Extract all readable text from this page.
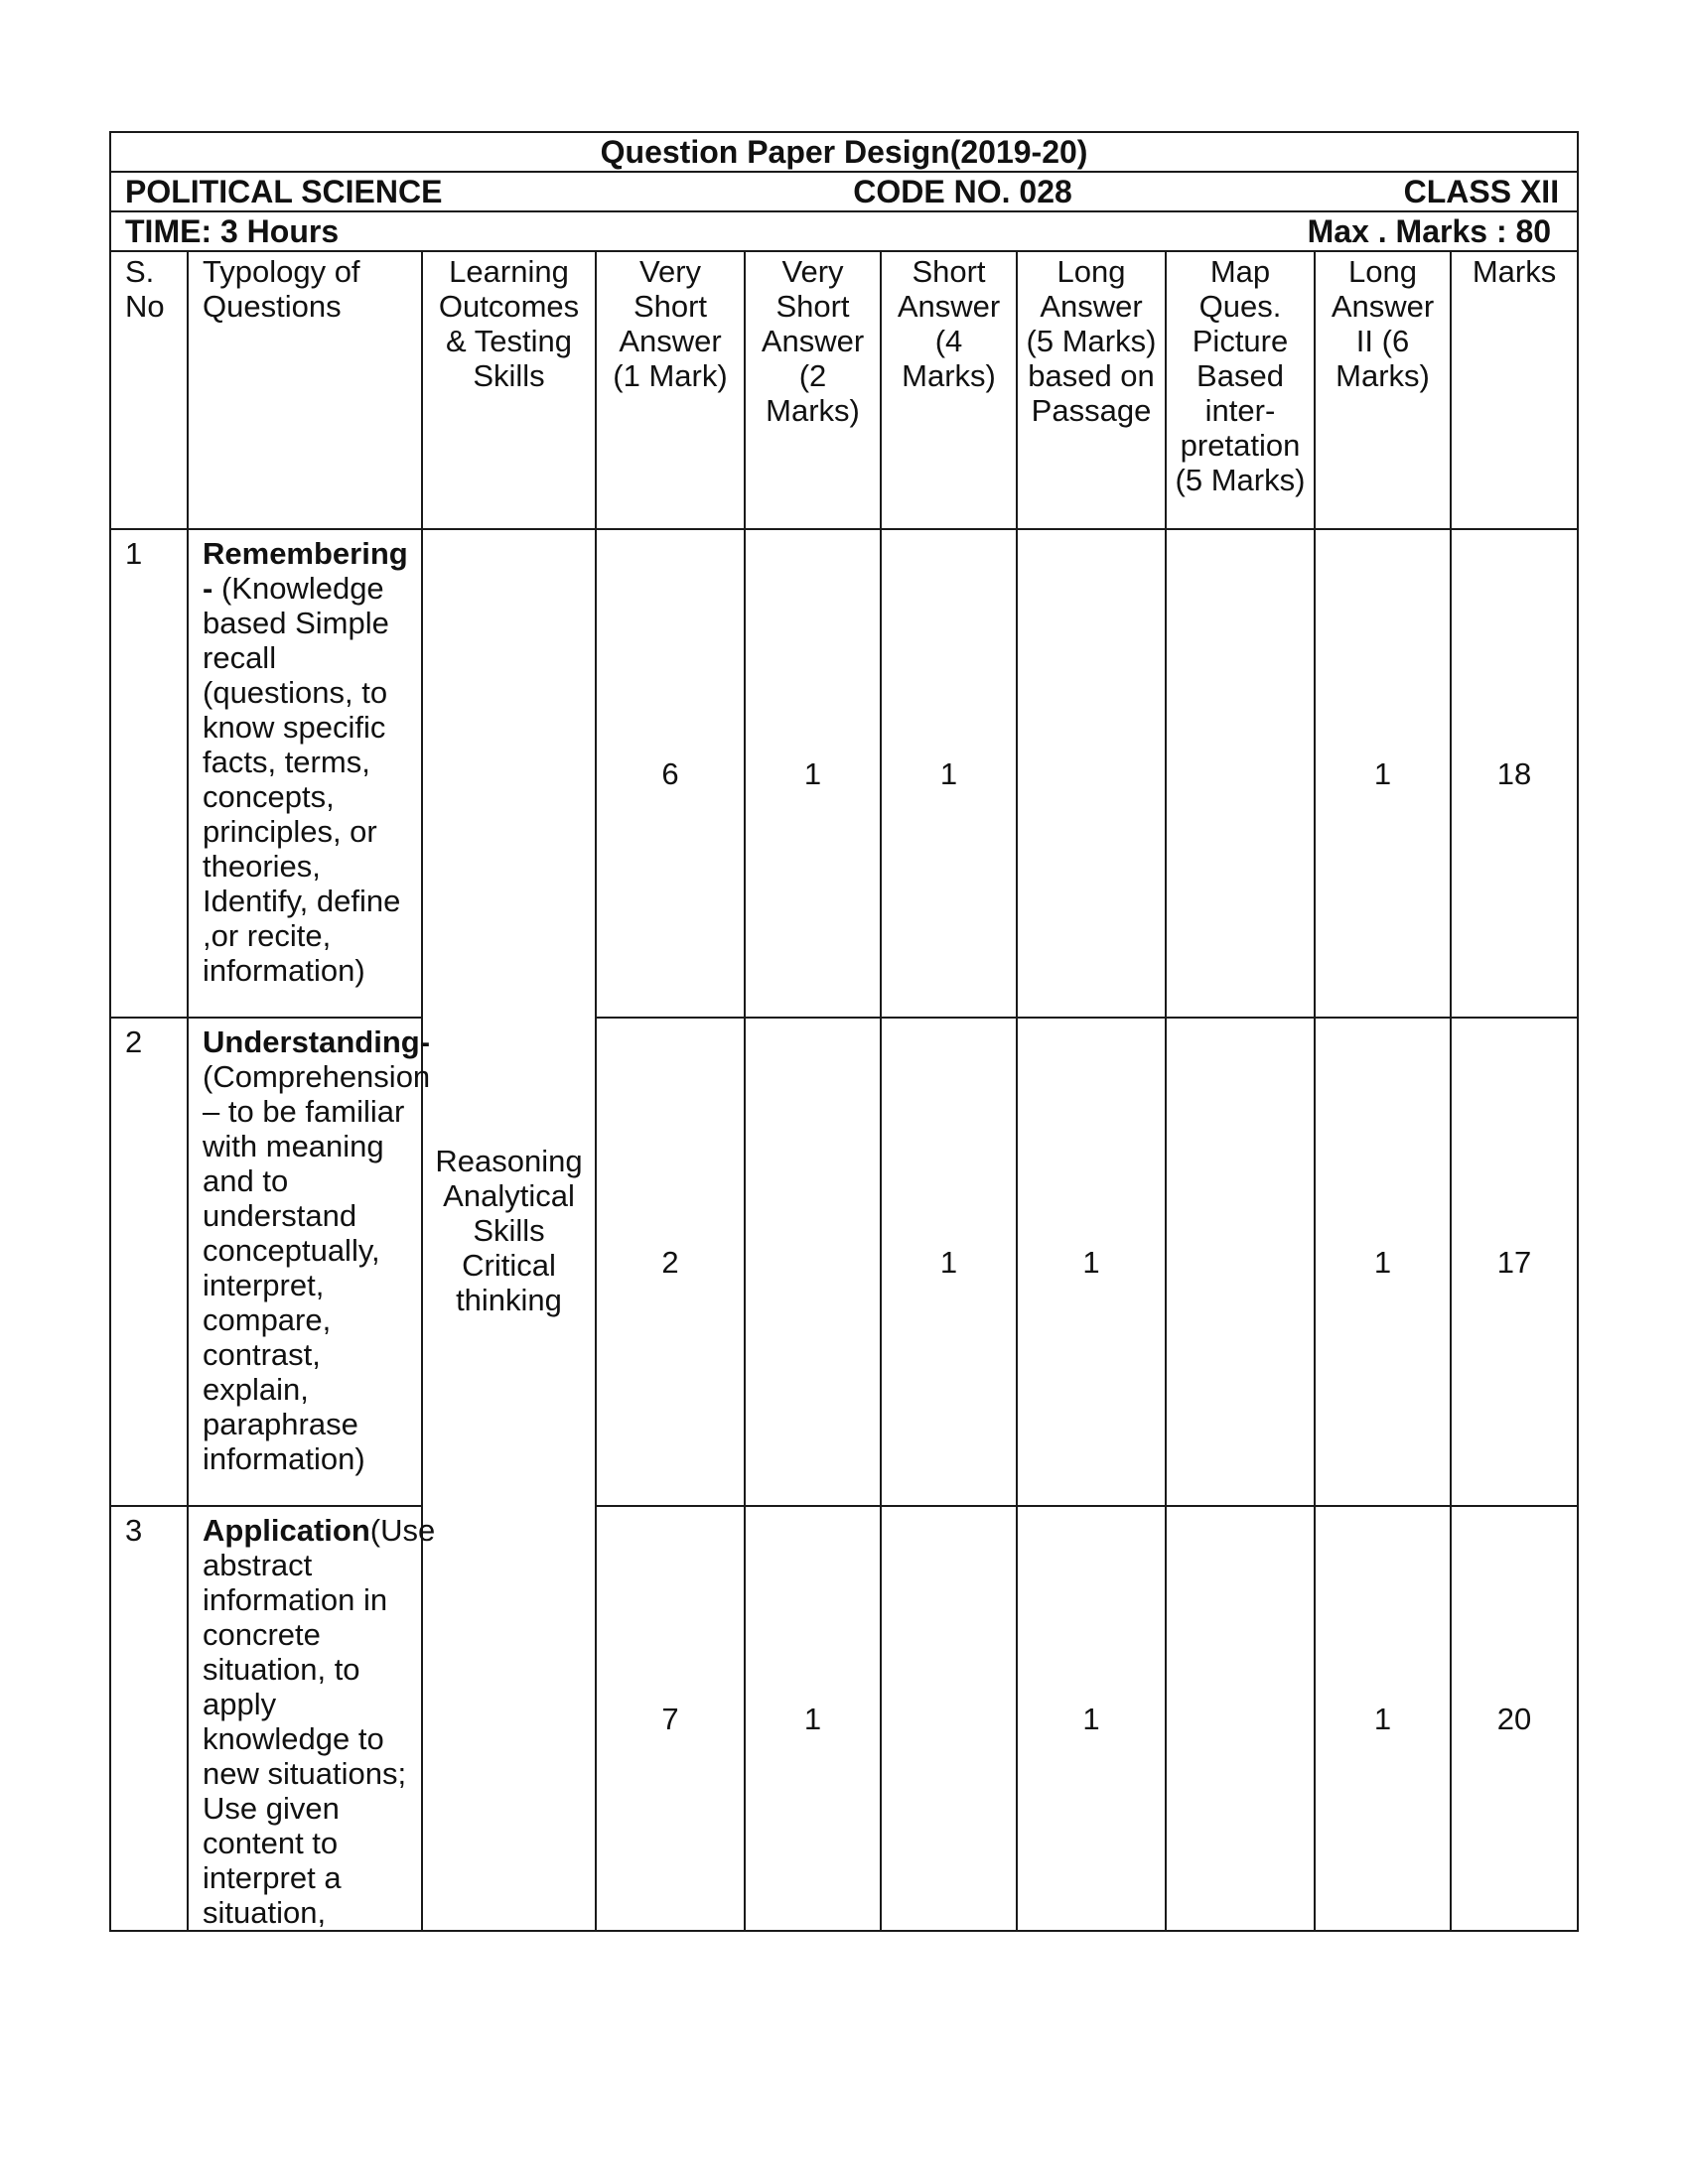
Question Paper Design(2019-20)									

POLITICAL SCIENCE CODE NO. 028 CLASS XII									

TIME: 3 Hours Max . Marks : 80									

S. No	Typology of Questions	Learning Outcomes & Testing Skills	Very Short Answer (1 Mark)	Very Short Answer (2 Marks)	Short Answer (4 Marks)	Long Answer (5 Marks) based on Passage	Map Ques. Picture Based inter-pretation (5 Marks)	Long Answer II (6 Marks)	Marks
1	Remembering - (Knowledge based Simple recall (questions, to know specific facts, terms, concepts, principles, or theories, Identify, define ,or recite, information)	Reasoning Analytical Skills Critical thinking	6	1	1			1	18
2	Understanding- (Comprehension – to be familiar with meaning and to understand conceptually, interpret, compare, contrast, explain, paraphrase information)		2		1	1		1	17
3	Application(Use abstract information in concrete situation, to apply knowledge to new situations; Use given content to interpret a situation,		7	1		1		1	20
